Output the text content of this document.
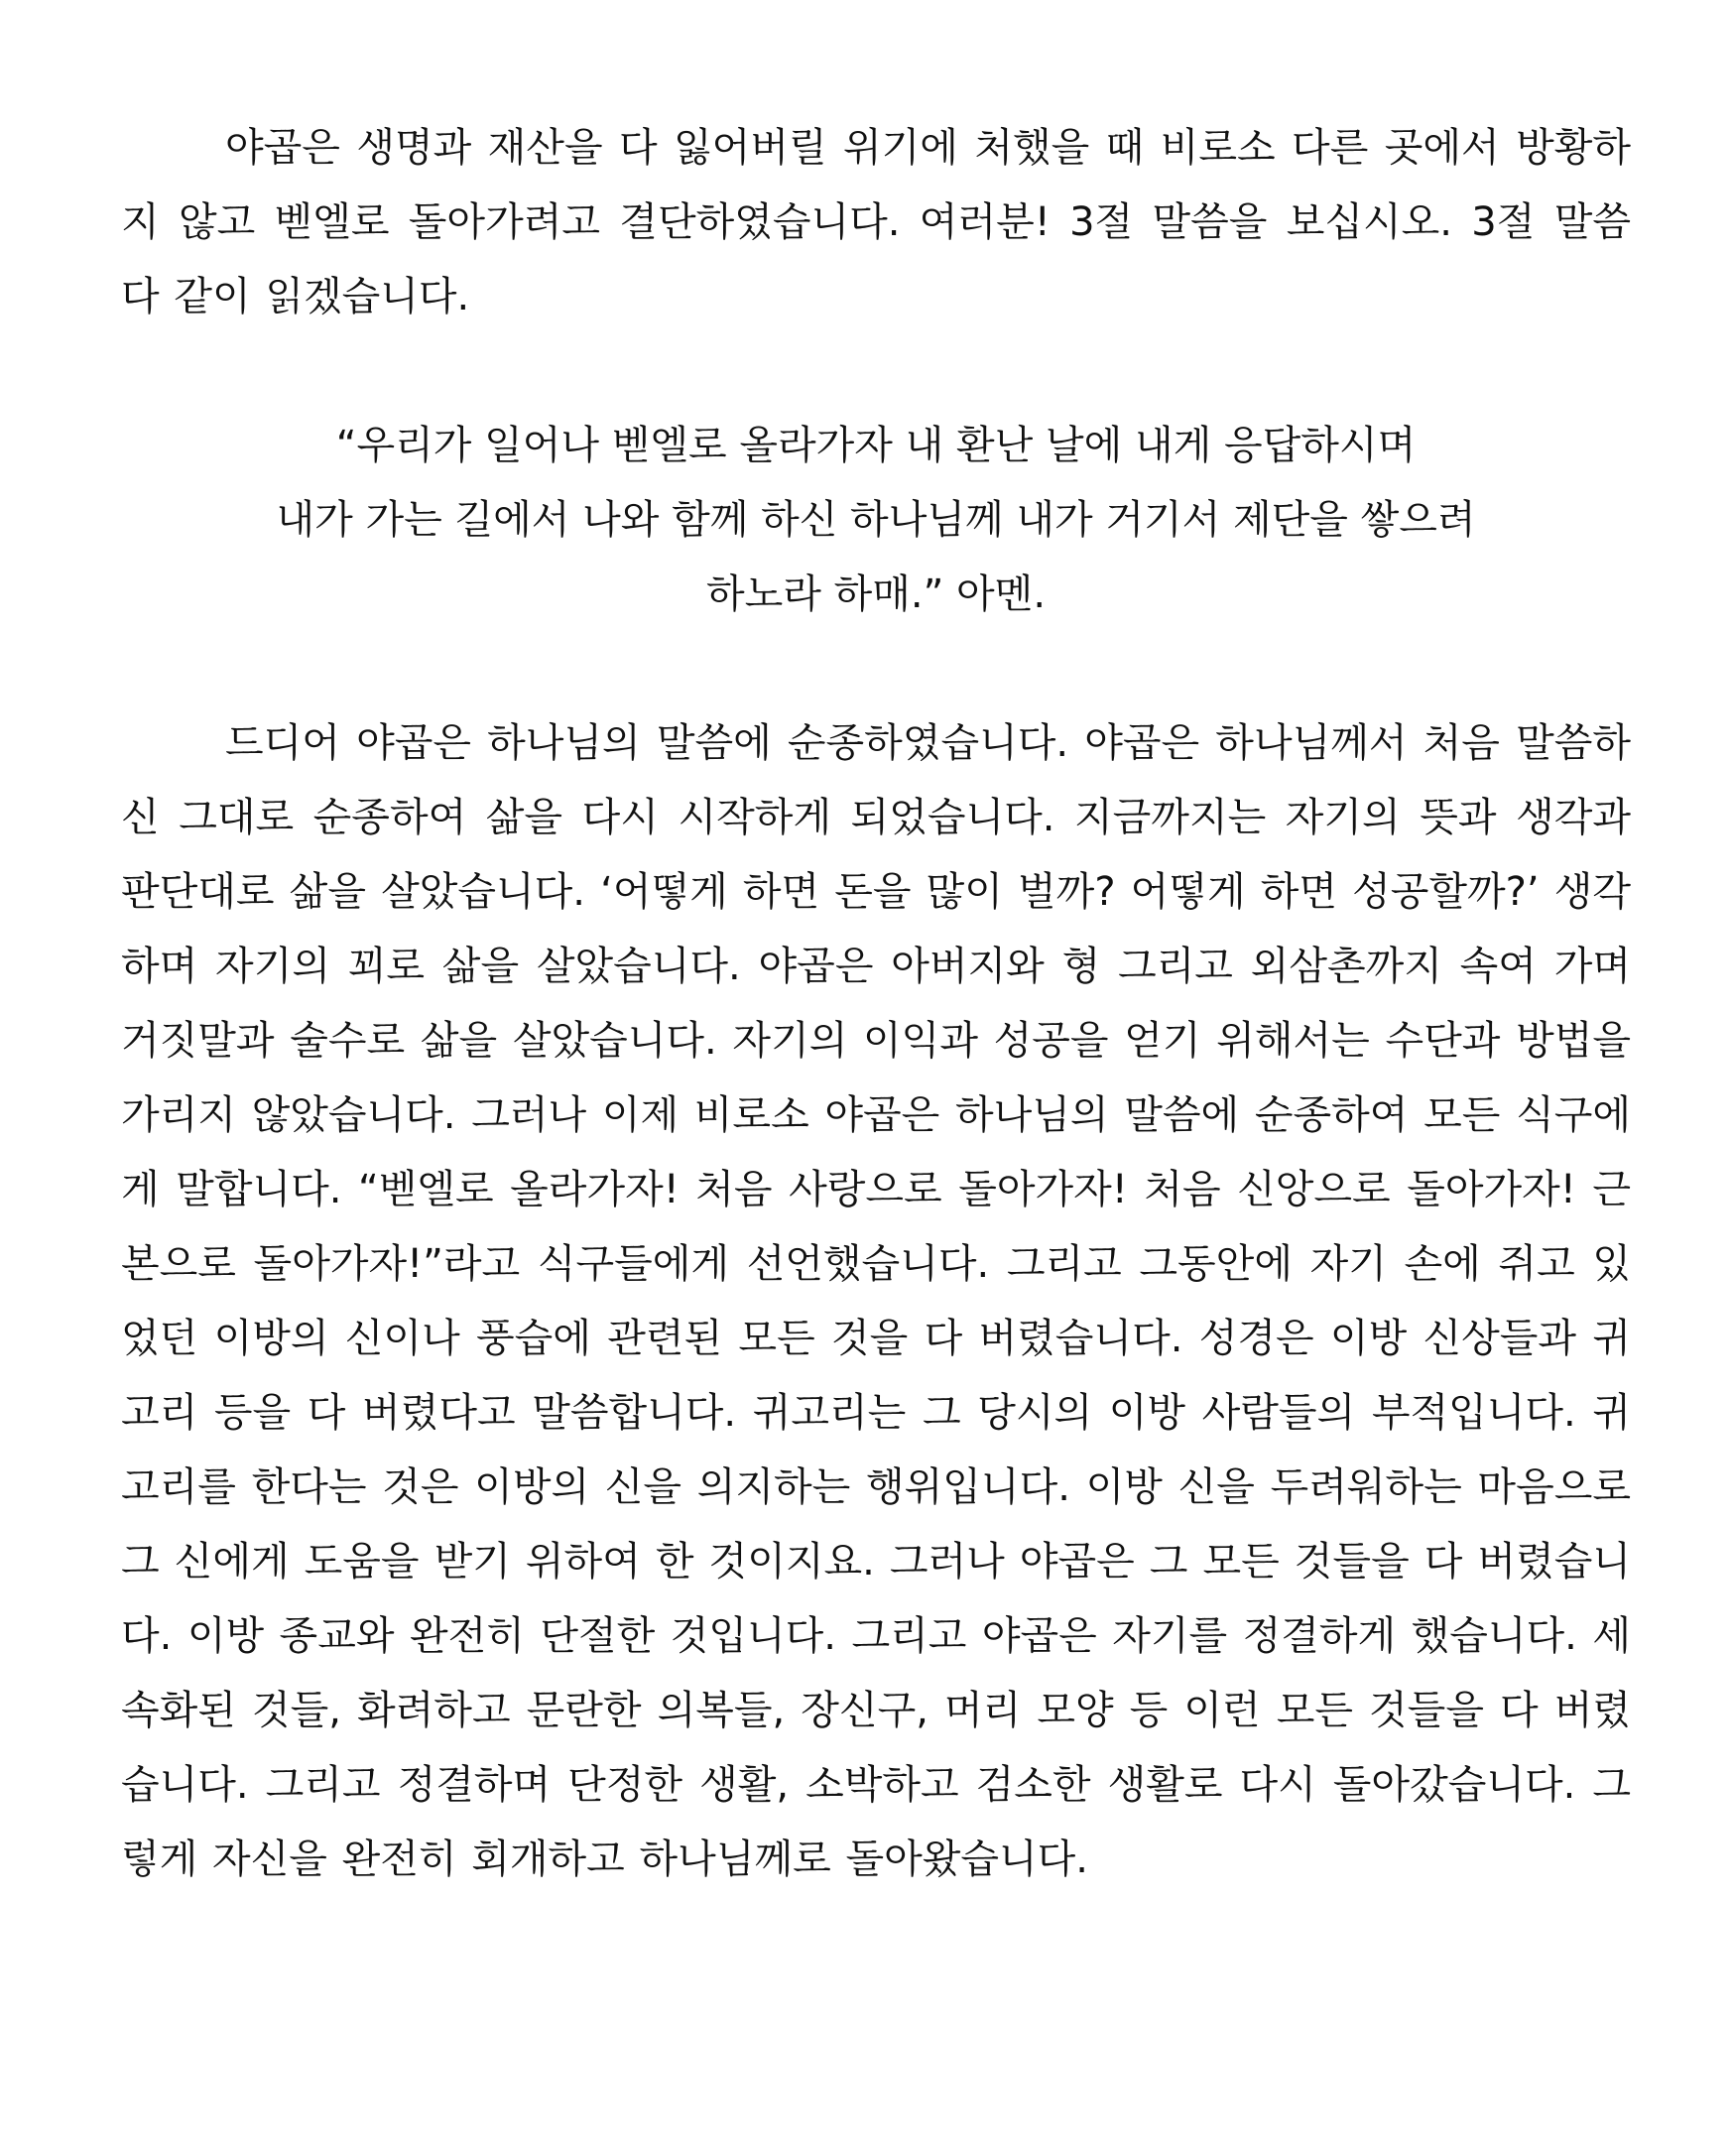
야곱은 생명과 재산을 다 잃어버릴 위기에 처했을 때 비로소 다른 곳에서 방황하지 않고 벧엘로 돌아가려고 결단하였습니다. 여러분! 3절 말씀을 보십시오. 3절 말씀 다 같이 읽겠습니다.

“우리가 일어나 벧엘로 올라가자 내 환난 날에 내게 응답하시며
내가 가는 길에서 나와 함께 하신 하나님께 내가 거기서 제단을 쌓으려
하노라 하매.” 아멘.

드디어 야곱은 하나님의 말씀에 순종하였습니다. 야곱은 하나님께서 처음 말씀하신 그대로 순종하여 삶을 다시 시작하게 되었습니다. 지금까지는 자기의 뜻과 생각과 판단대로 삶을 살았습니다. ‘어떻게 하면 돈을 많이 벌까? 어떻게 하면 성공할까?’ 생각하며 자기의 꾀로 삶을 살았습니다. 야곱은 아버지와 형 그리고 외삼촌까지 속여 가며 거짓말과 술수로 삶을 살았습니다. 자기의 이익과 성공을 얻기 위해서는 수단과 방법을 가리지 않았습니다. 그러나 이제 비로소 야곱은 하나님의 말씀에 순종하여 모든 식구에게 말합니다. “벧엘로 올라가자! 처음 사랑으로 돌아가자! 처음 신앙으로 돌아가자! 근본으로 돌아가자!”라고 식구들에게 선언했습니다. 그리고 그동안에 자기 손에 쥐고 있었던 이방의 신이나 풍습에 관련된 모든 것을 다 버렸습니다. 성경은 이방 신상들과 귀고리 등을 다 버렸다고 말씀합니다. 귀고리는 그 당시의 이방 사람들의 부적입니다. 귀고리를 한다는 것은 이방의 신을 의지하는 행위입니다. 이방 신을 두려워하는 마음으로 그 신에게 도움을 받기 위하여 한 것이지요. 그러나 야곱은 그 모든 것들을 다 버렸습니다. 이방 종교와 완전히 단절한 것입니다. 그리고 야곱은 자기를 정결하게 했습니다. 세속화된 것들, 화려하고 문란한 의복들, 장신구, 머리 모양 등 이런 모든 것들을 다 버렸습니다. 그리고 정결하며 단정한 생활, 소박하고 검소한 생활로 다시 돌아갔습니다. 그렇게 자신을 완전히 회개하고 하나님께로 돌아왔습니다.
